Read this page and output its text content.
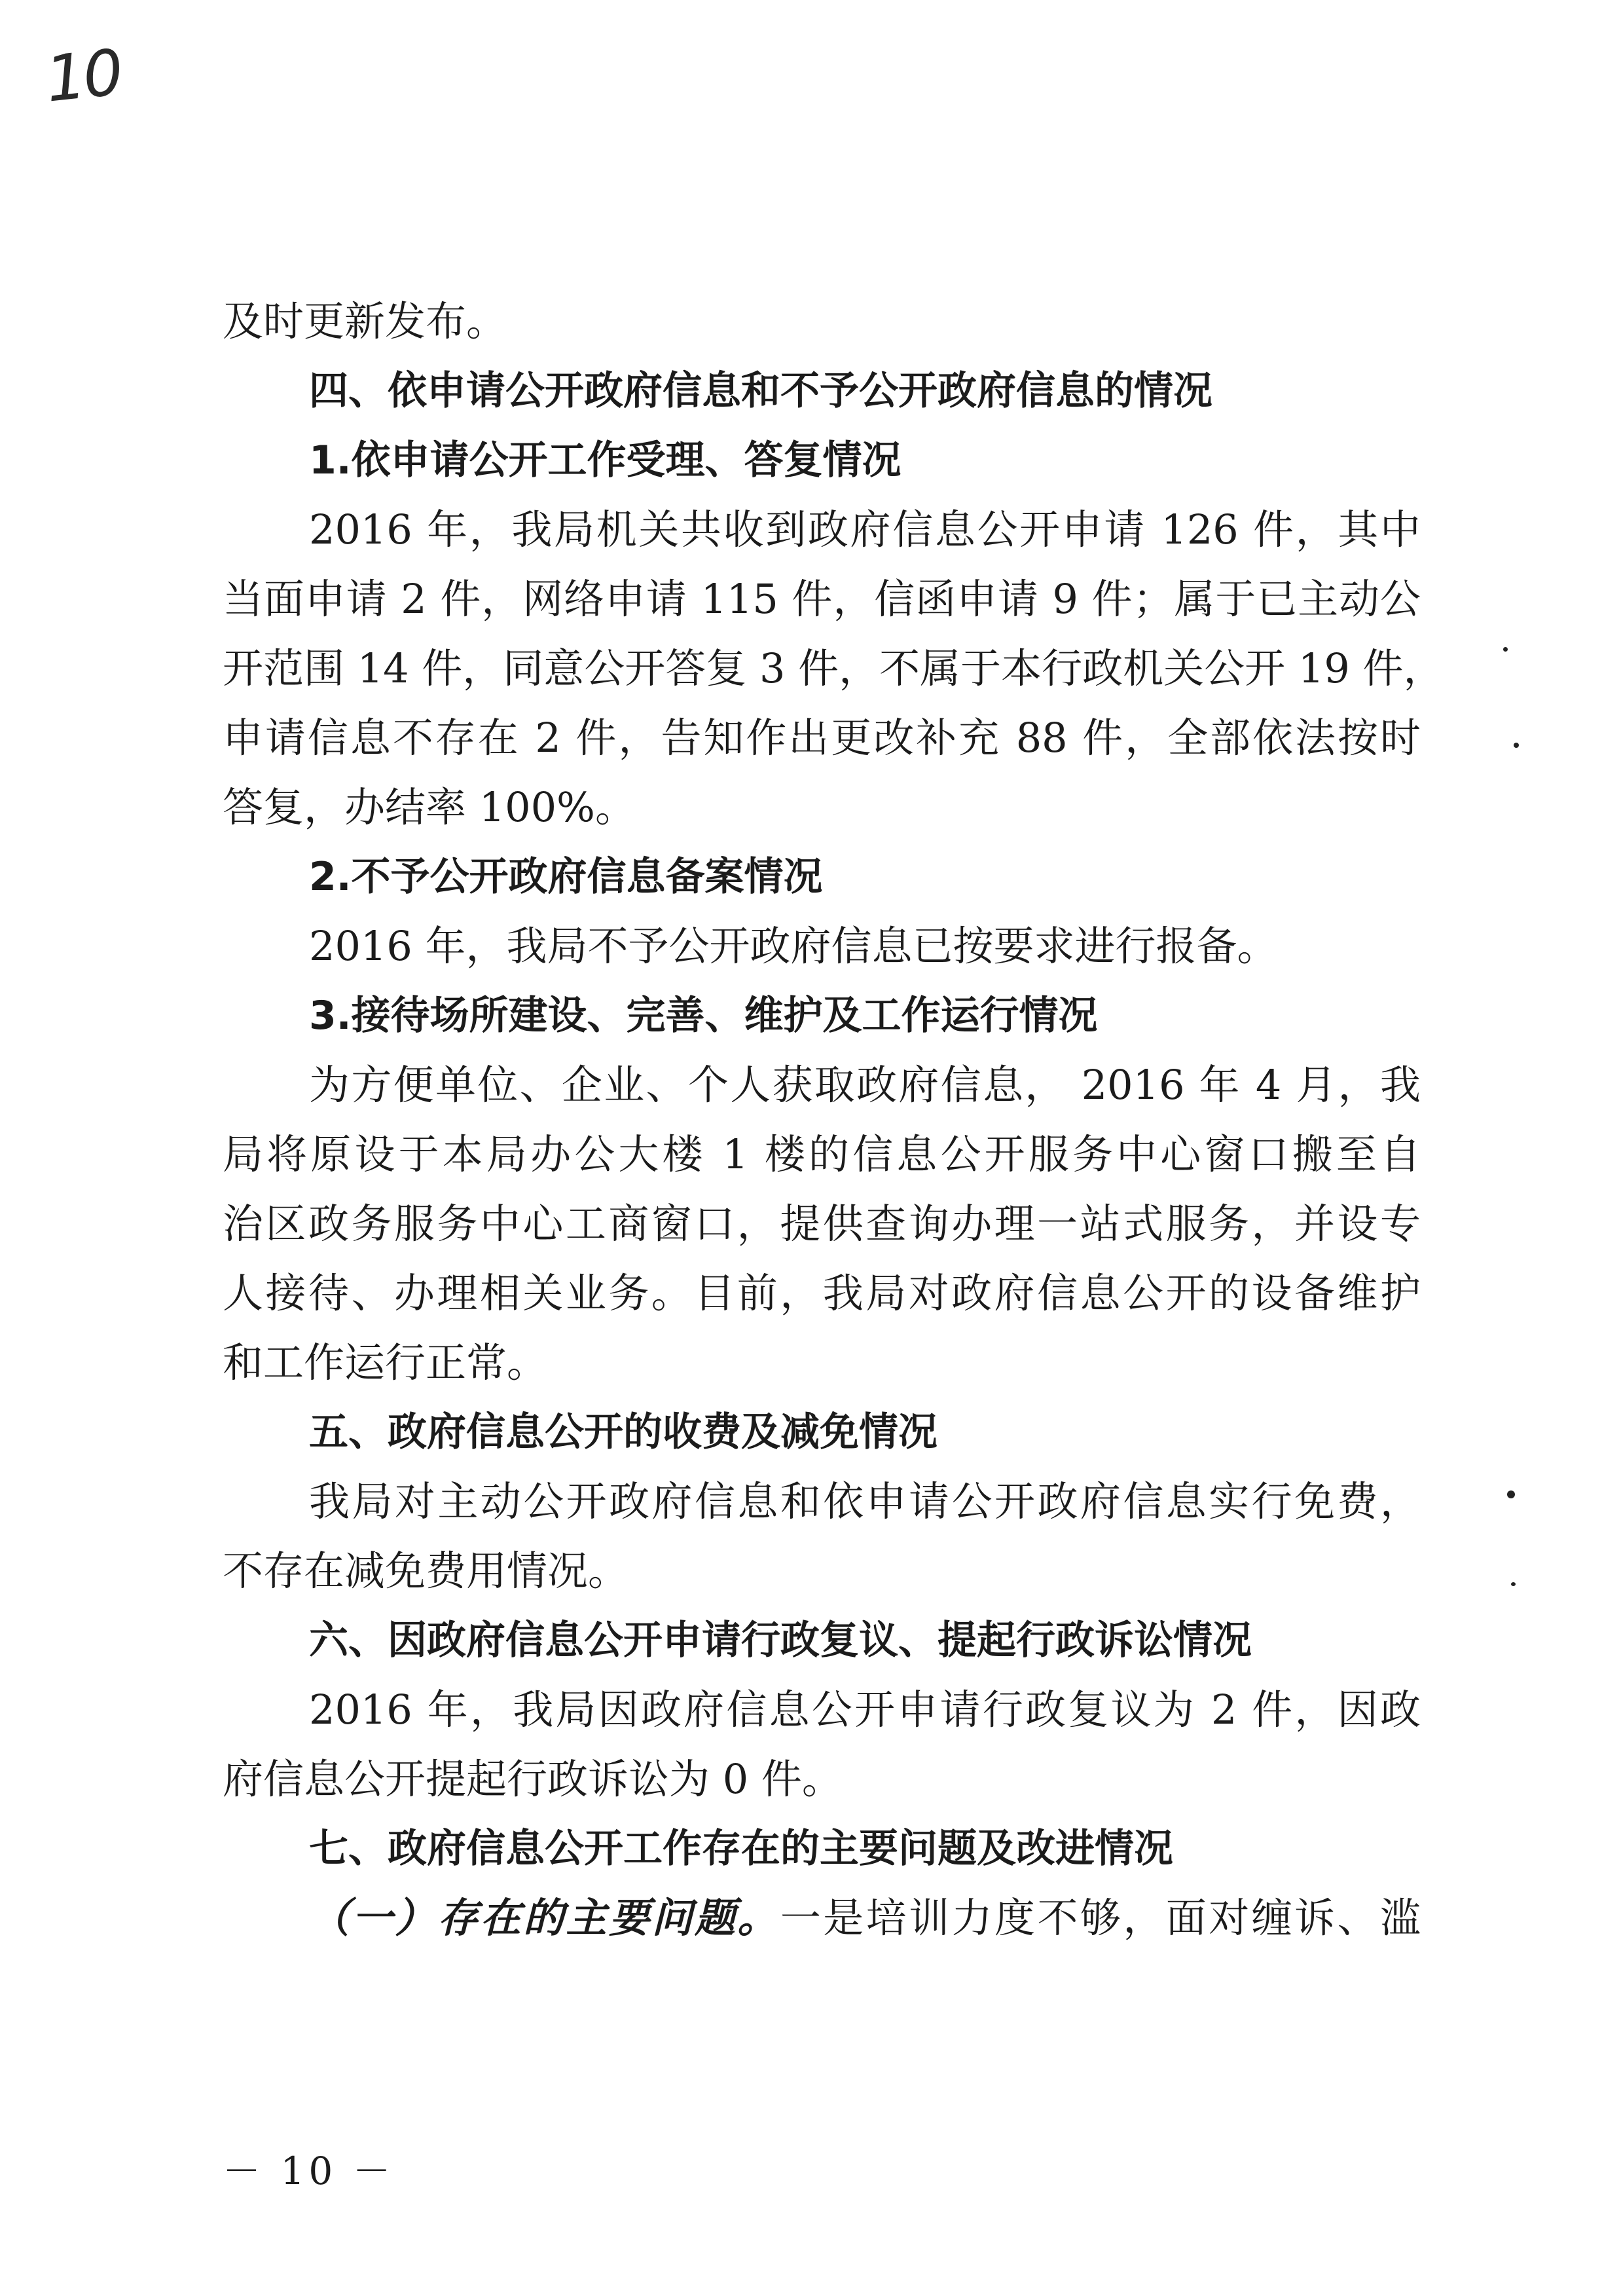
10
及时更新发布。
四、依申请公开政府信息和不予公开政府信息的情况
1.依申请公开工作受理、答复情况
2016 年，我局机关共收到政府信息公开申请 126 件，其中
当面申请 2 件，网络申请 115 件，信函申请 9 件；属于已主动公
开范围 14 件，同意公开答复 3 件，不属于本行政机关公开 19 件，
申请信息不存在 2 件，告知作出更改补充 88 件，全部依法按时
答复，办结率 100%。
2.不予公开政府信息备案情况
2016 年，我局不予公开政府信息已按要求进行报备。
3.接待场所建设、完善、维护及工作运行情况
为方便单位、企业、个人获取政府信息， 2016 年 4 月，我
局将原设于本局办公大楼 1 楼的信息公开服务中心窗口搬至自
治区政务服务中心工商窗口，提供查询办理一站式服务，并设专
人接待、办理相关业务。目前，我局对政府信息公开的设备维护
和工作运行正常。
五、政府信息公开的收费及减免情况
我局对主动公开政府信息和依申请公开政府信息实行免费，
不存在减免费用情况。
六、因政府信息公开申请行政复议、提起行政诉讼情况
2016 年，我局因政府信息公开申请行政复议为 2 件，因政
府信息公开提起行政诉讼为 0 件。
七、政府信息公开工作存在的主要问题及改进情况
（一）存在的主要问题。一是培训力度不够，面对缠诉、滥
－ 10 －
